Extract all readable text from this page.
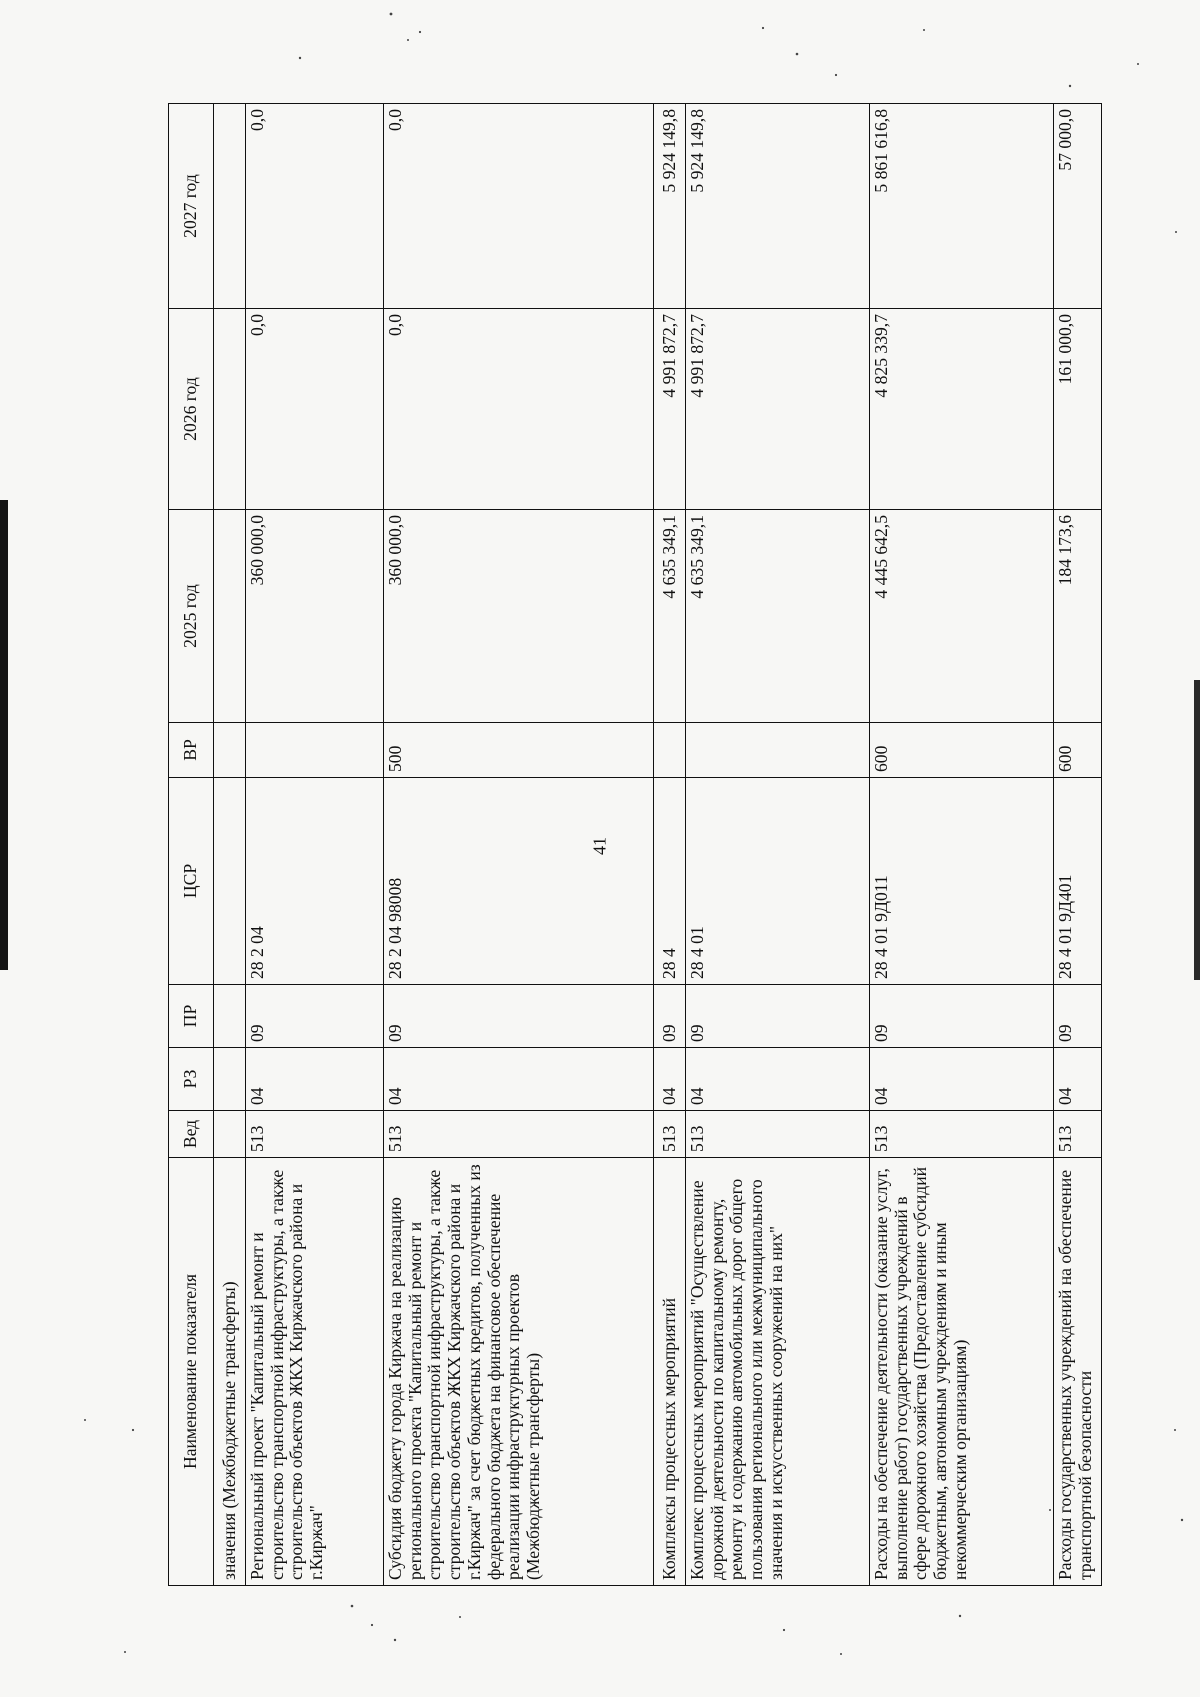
41
Наименование показателя	Вед	РЗ	ПР	ЦСР	ВР	2025 год	2026 год	2027 год
значения (Межбюджетные трансферты)								
Региональный проект "Капитальный ремонт и строительство транспортной инфраструктуры, а также строительство объектов ЖКХ Киржачского района и г.Киржач"	513	04	09	28 2 04		360 000,0	0,0	0,0
Субсидия бюджету города Киржача на реализацию регионального проекта "Капитальный ремонт и строительство транспортной инфраструктуры, а также строительство объектов ЖКХ Киржачского района и г.Киржач" за счет бюджетных кредитов, полученных из федерального бюджета на финансовое обеспечение реализации инфраструктурных проектов (Межбюджетные трансферты)	513	04	09	28 2 04 98008	500	360 000,0	0,0	0,0
Комплексы процессных мероприятий	513	04	09	28 4		4 635 349,1	4 991 872,7	5 924 149,8
Комплекс процессных мероприятий "Осуществление дорожной деятельности по капитальному ремонту, ремонту и содержанию автомобильных дорог общего пользования регионального или межмуниципального значения и искусственных сооружений на них"	513	04	09	28 4 01		4 635 349,1	4 991 872,7	5 924 149,8
Расходы на обеспечение деятельности (оказание услуг, выполнение работ) государственных учреждений в сфере дорожного хозяйства (Предоставление субсидий бюджетным, автономным учреждениям и иным некоммерческим организациям)	513	04	09	28 4 01 9Д011	600	4 445 642,5	4 825 339,7	5 861 616,8
Расходы государственных учреждений на обеспечение транспортной безопасности	513	04	09	28 4 01 9Д401	600	184 173,6	161 000,0	57 000,0
